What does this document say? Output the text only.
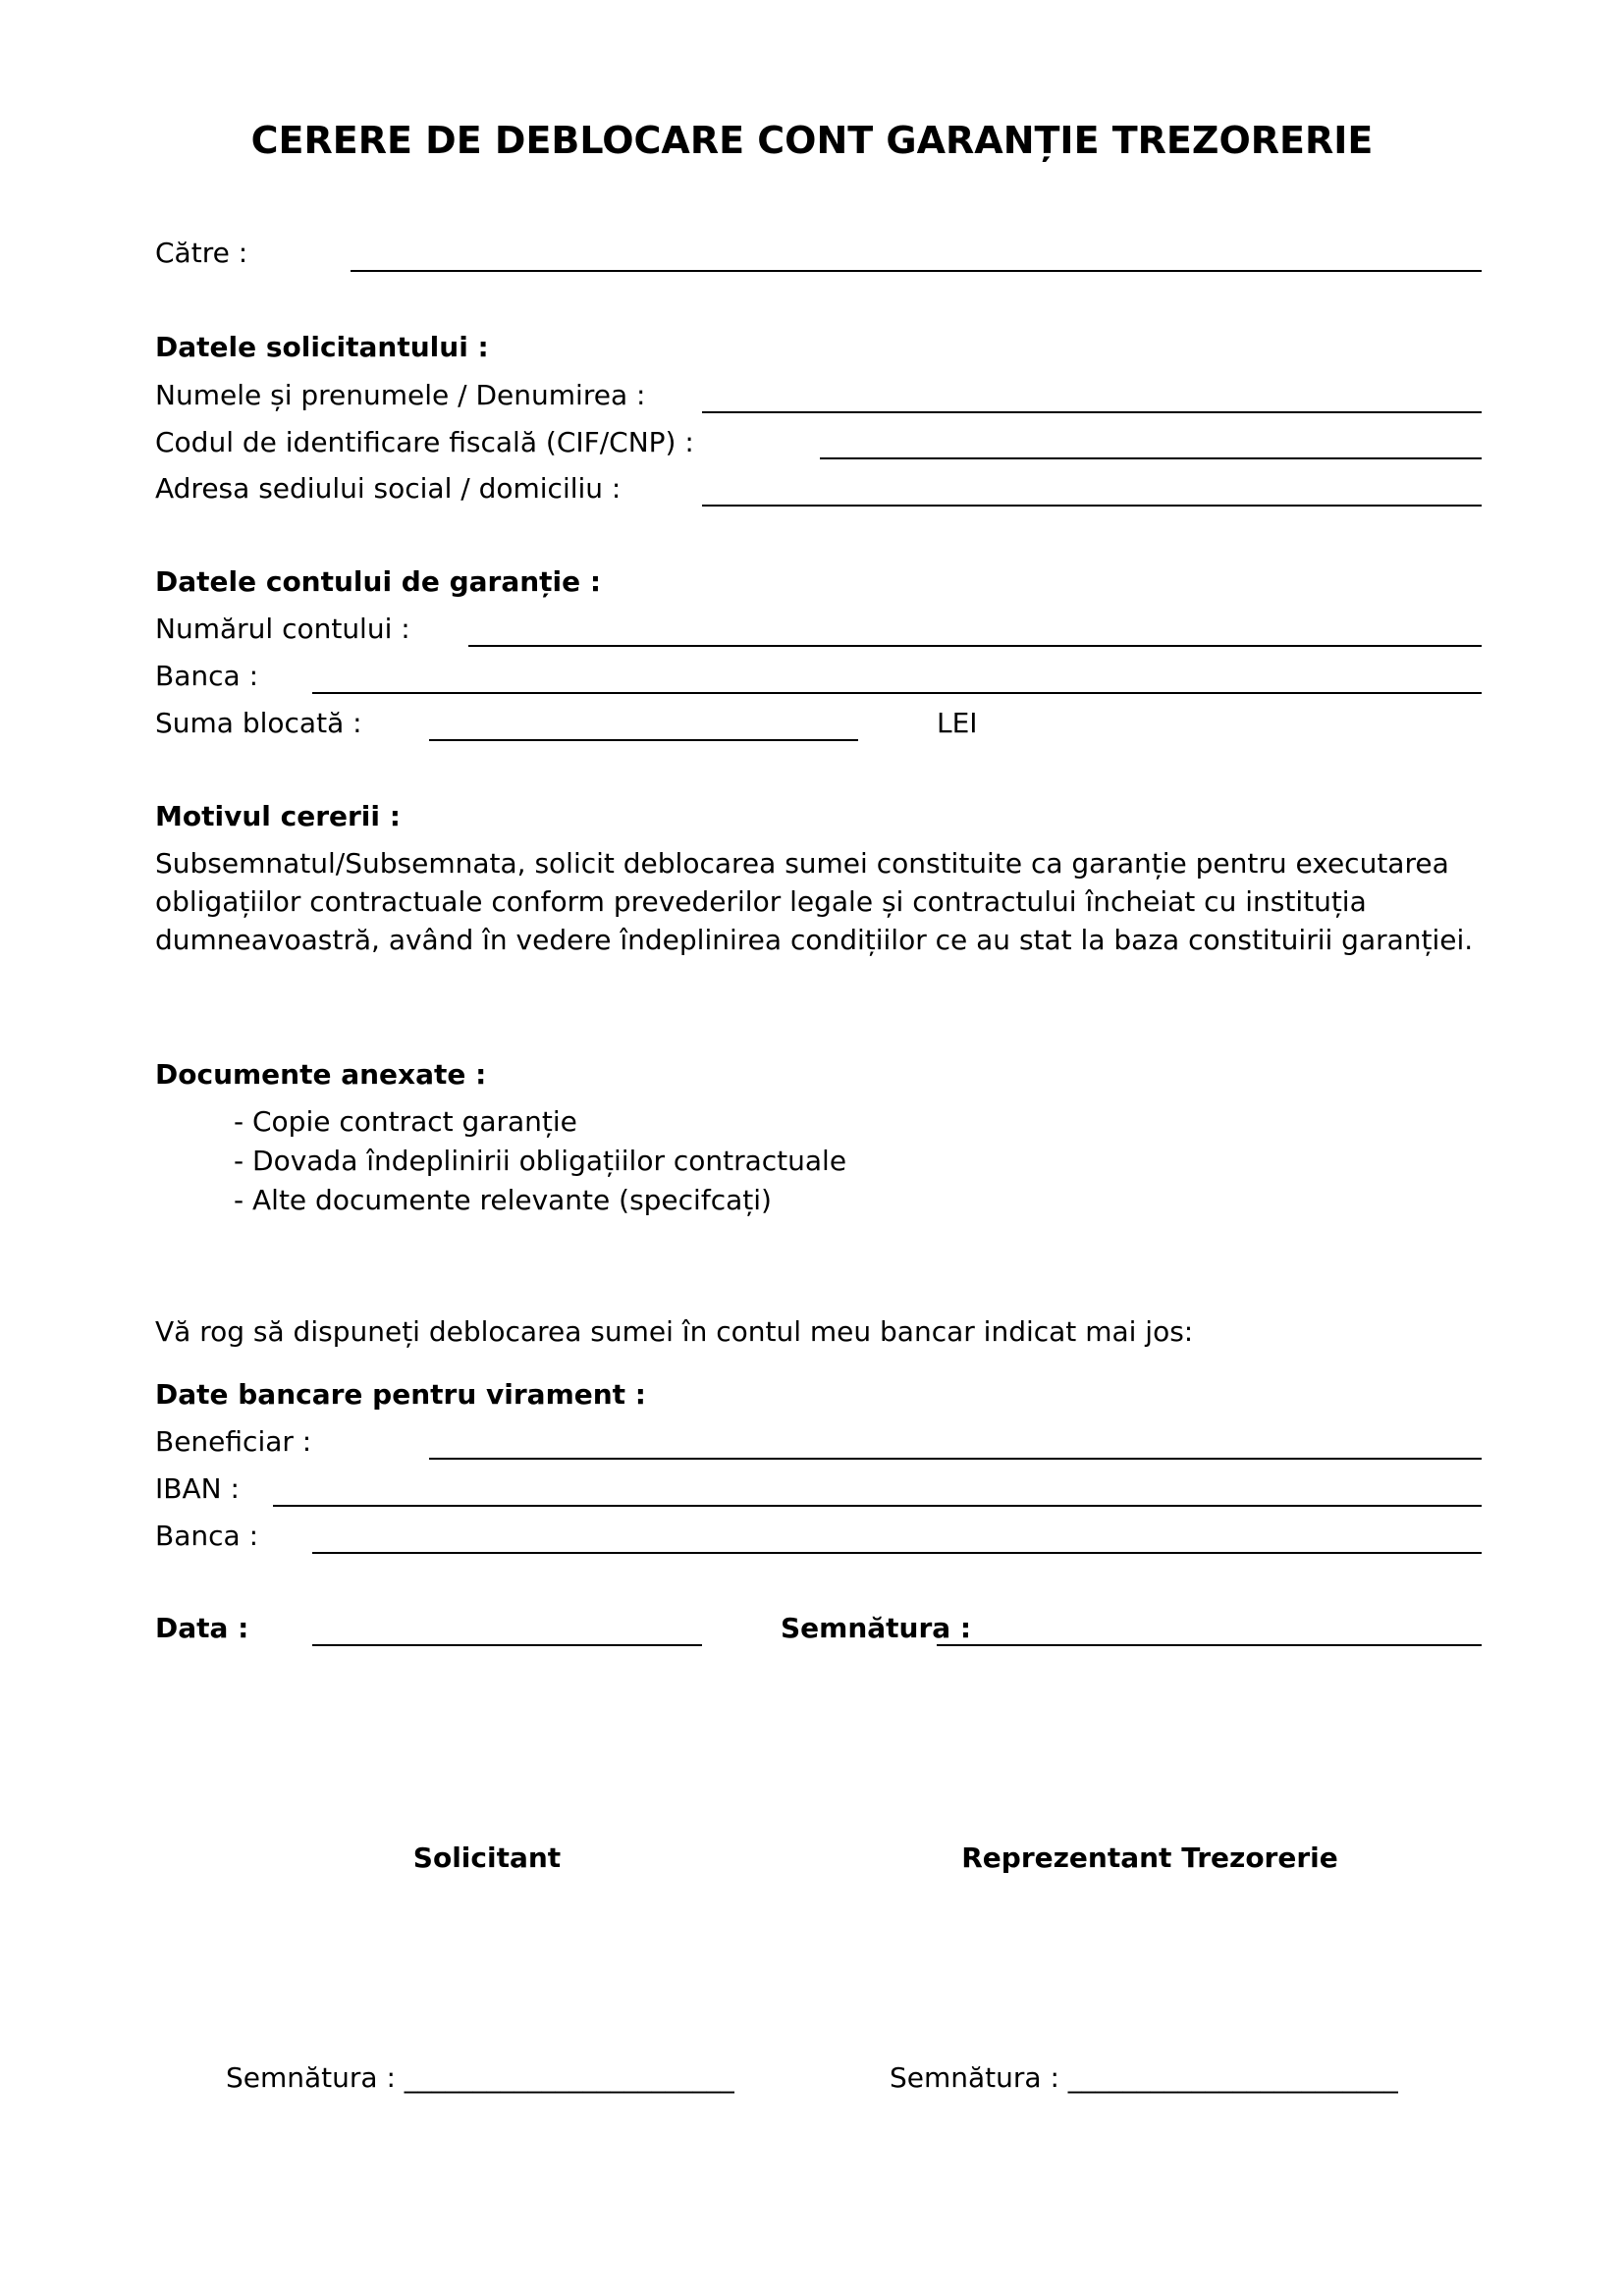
CERERE DE DEBLOCARE CONT GARANȚIE TREZORERIE
Către :
Datele solicitantului :
Numele și prenumele / Denumirea :
Codul de identificare fiscală (CIF/CNP) :
Adresa sediului social / domiciliu :
Datele contului de garanție :
Numărul contului :
Banca :
Suma blocată :	LEI
Motivul cererii :
Subsemnatul/Subsemnata, solicit deblocarea sumei constituite ca garanție pentru executarea
obligațiilor contractuale conform prevederilor legale și contractului încheiat cu instituția
dumneavoastră, având în vedere îndeplinirea condițiilor ce au stat la baza constituirii garanției.
Documente anexate :
- Copie contract garanție
- Dovada îndeplinirii obligațiilor contractuale
- Alte documente relevante (specifcați)
Vă rog să dispuneți deblocarea sumei în contul meu bancar indicat mai jos:
Date bancare pentru virament :
Beneficiar :
IBAN :
Banca :
Data :	Semnătura :
Solicitant	Reprezentant Trezorerie
Semnătura : ________________________	Semnătura : ________________________
